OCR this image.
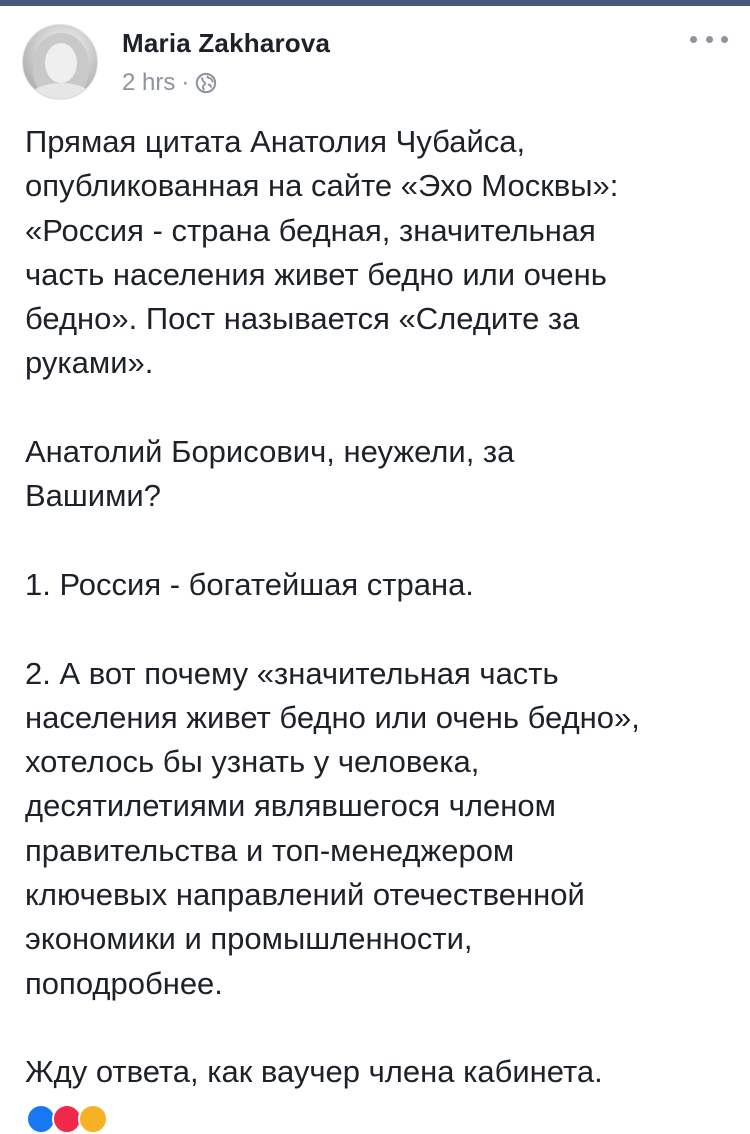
Maria Zakharova
2 hrs ·

Прямая цитата Анатолия Чубайса,
опубликованная на сайте «Эхо Москвы»:
«Россия - страна бедная, значительная
часть населения живет бедно или очень
бедно». Пост называется «Следите за
руками».

Анатолий Борисович, неужели, за
Вашими?

1. Россия - богатейшая страна.

2. А вот почему «значительная часть
населения живет бедно или очень бедно»,
хотелось бы узнать у человека,
десятилетиями являвшегося членом
правительства и топ-менеджером
ключевых направлений отечественной
экономики и промышленности,
поподробнее.

Жду ответа, как ваучер члена кабинета.
